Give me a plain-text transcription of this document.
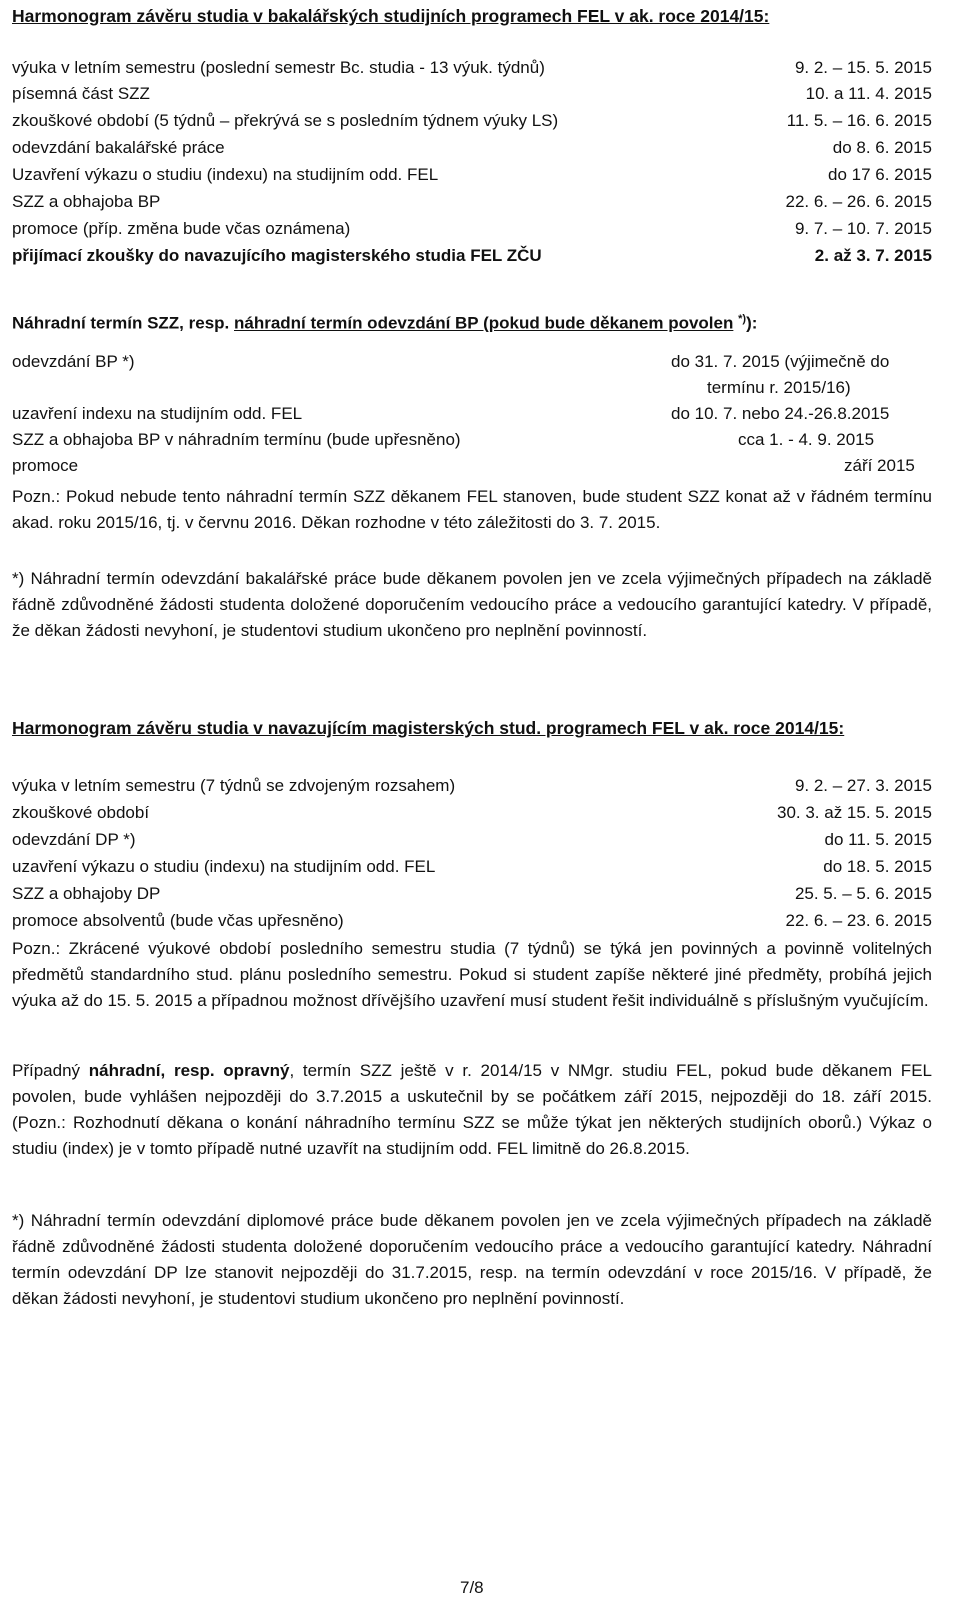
Harmonogram závěru studia v bakalářských studijních programech FEL v ak. roce 2014/15:
výuka v letním semestru (poslední semestr Bc. studia - 13 výuk. týdnů)	9. 2. – 15. 5. 2015
písemná část SZZ	10. a 11. 4. 2015
zkouškové období (5 týdnů – překrývá se s posledním týdnem výuky LS)	11. 5. – 16. 6. 2015
odevzdání bakalářské práce	do 8. 6. 2015
Uzavření výkazu o studiu (indexu) na studijním odd. FEL	do 17 6. 2015
SZZ a obhajoba BP	22. 6. – 26. 6. 2015
promoce (příp. změna bude včas oznámena)	9. 7. – 10. 7. 2015
přijímací zkoušky do navazujícího magisterského studia FEL ZČU	2. až 3. 7. 2015
Náhradní termín SZZ, resp. náhradní termín odevzdání BP (pokud bude děkanem povolen *)):
odevzdání BP *)	do 31. 7. 2015 (výjimečně do
termínu r. 2015/16)
uzavření indexu na studijním odd. FEL	do 10. 7. nebo 24.-26.8.2015
SZZ a obhajoba BP v náhradním termínu (bude upřesněno)	cca 1. - 4. 9. 2015
promoce	září 2015
Pozn.: Pokud nebude tento náhradní termín SZZ děkanem FEL stanoven, bude student SZZ konat až v řádném termínu akad. roku 2015/16, tj. v červnu 2016. Děkan rozhodne v této záležitosti do 3. 7. 2015.
*) Náhradní termín odevzdání bakalářské práce bude děkanem povolen jen ve zcela výjimečných případech na základě řádně zdůvodněné žádosti studenta doložené doporučením vedoucího práce a vedoucího garantující katedry. V případě, že děkan žádosti nevyhoní, je studentovi studium ukončeno pro neplnění povinností.
Harmonogram závěru studia v navazujícím magisterských stud. programech FEL v ak. roce 2014/15:
výuka v letním semestru (7 týdnů se zdvojeným rozsahem)	9. 2. – 27. 3. 2015
zkouškové období	30. 3. až 15. 5. 2015
odevzdání DP *)	do 11. 5. 2015
uzavření výkazu o studiu (indexu) na studijním odd. FEL	do 18. 5. 2015
SZZ a obhajoby DP	25. 5. – 5. 6. 2015
promoce absolventů (bude včas upřesněno)	22. 6. – 23. 6. 2015
Pozn.: Zkrácené výukové období posledního semestru studia (7 týdnů) se týká jen povinných a povinně volitelných předmětů standardního stud. plánu posledního semestru. Pokud si student zapíše některé jiné předměty, probíhá jejich výuka až do 15. 5. 2015 a případnou možnost dřívějšího uzavření musí student řešit individuálně s příslušným vyučujícím.
Případný náhradní, resp. opravný, termín SZZ ještě v r. 2014/15 v NMgr. studiu FEL, pokud bude děkanem FEL povolen, bude vyhlášen nejpozději do 3.7.2015 a uskutečnil by se počátkem září 2015, nejpozději do 18. září 2015. (Pozn.: Rozhodnutí děkana o konání náhradního termínu SZZ se může týkat jen některých studijních oborů.) Výkaz o studiu (index) je v tomto případě nutné uzavřít na studijním odd. FEL limitně do 26.8.2015.
*) Náhradní termín odevzdání diplomové práce bude děkanem povolen jen ve zcela výjimečných případech na základě řádně zdůvodněné žádosti studenta doložené doporučením vedoucího práce a vedoucího garantující katedry. Náhradní termín odevzdání DP lze stanovit nejpozději do 31.7.2015, resp. na termín odevzdání v roce 2015/16. V případě, že děkan žádosti nevyhoní, je studentovi studium ukončeno pro neplnění povinností.
7/8
